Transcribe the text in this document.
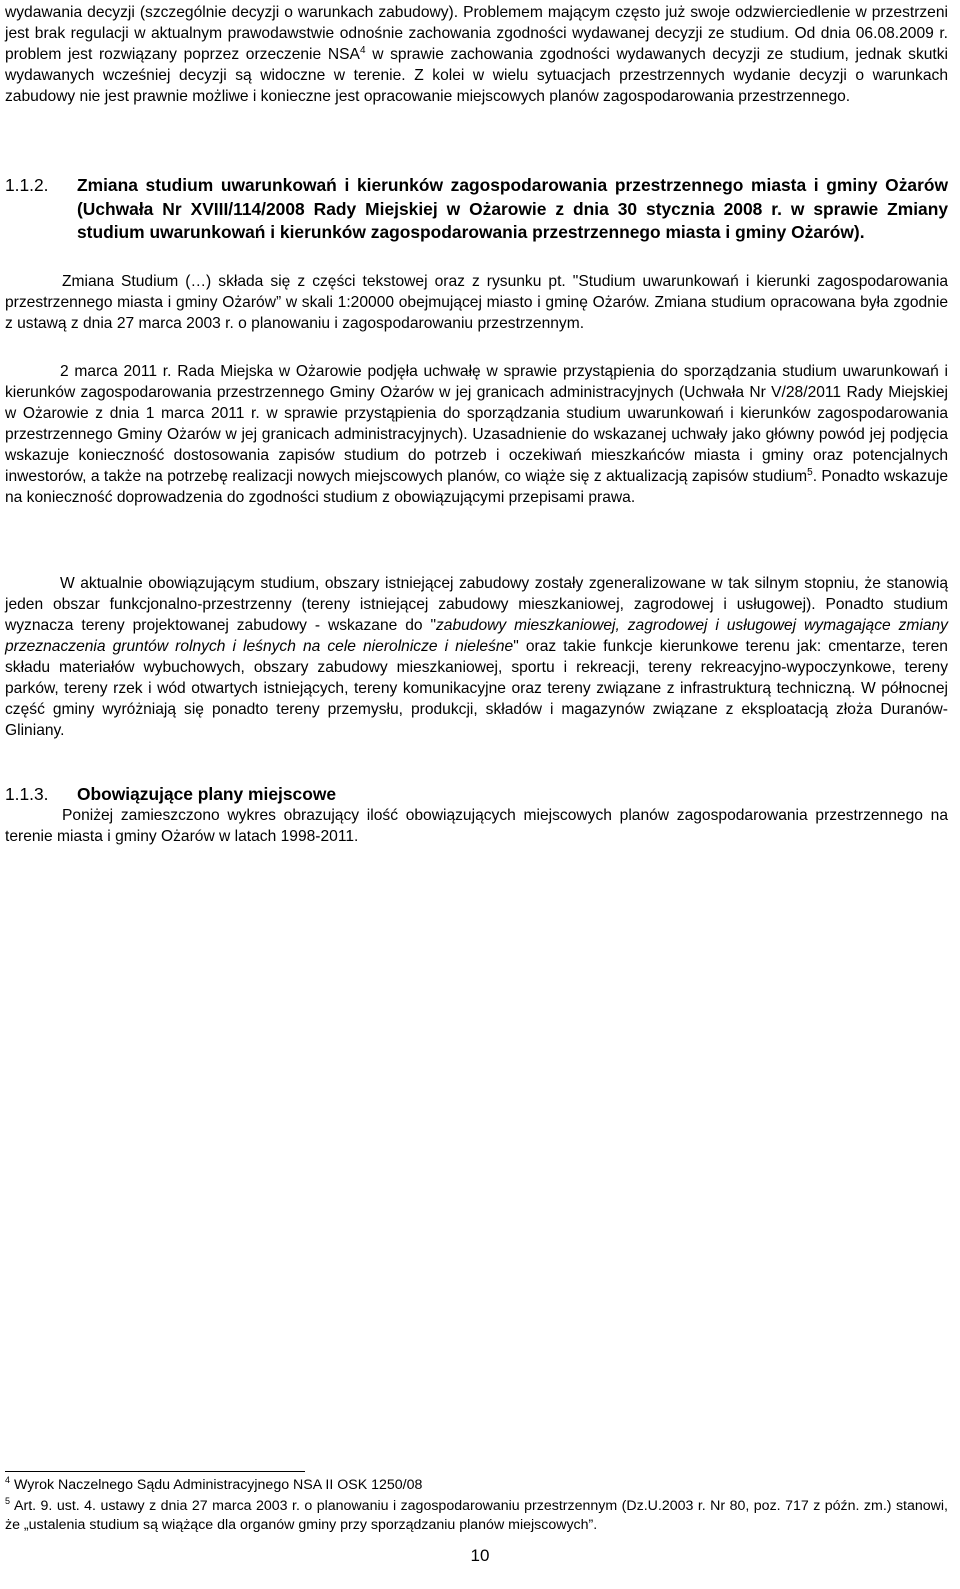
wydawania decyzji (szczególnie decyzji o warunkach zabudowy). Problemem mającym często już swoje odzwierciedlenie w przestrzeni jest brak regulacji w aktualnym prawodawstwie odnośnie zachowania zgodności wydawanej decyzji ze studium. Od dnia 06.08.2009 r. problem jest rozwiązany poprzez orzeczenie NSA$^4$ w sprawie zachowania zgodności wydawanych decyzji ze studium, jednak skutki wydawanych wcześniej decyzji są widoczne w terenie. Z kolei w wielu sytuacjach przestrzennych wydanie decyzji o warunkach zabudowy nie jest prawnie możliwe i konieczne jest opracowanie miejscowych planów zagospodarowania przestrzennego.

1.1.2. Zmiana studium uwarunkowań i kierunków zagospodarowania przestrzennego miasta i gminy Ożarów (Uchwała Nr XVIII/114/2008 Rady Miejskiej w Ożarowie z dnia 30 stycznia 2008 r. w sprawie Zmiany studium uwarunkowań i kierunków zagospodarowania przestrzennego miasta i gminy Ożarów).

Zmiana Studium (…) składa się z części tekstowej oraz z rysunku pt. "Studium uwarunkowań i kierunki zagospodarowania przestrzennego miasta i gminy Ożarów” w skali 1:20000 obejmującej miasto i gminę Ożarów. Zmiana studium opracowana była zgodnie z ustawą z dnia 27 marca 2003 r. o planowaniu i zagospodarowaniu przestrzennym.

2 marca 2011 r. Rada Miejska w Ożarowie podjęła uchwałę w sprawie przystąpienia do sporządzania studium uwarunkowań i kierunków zagospodarowania przestrzennego Gminy Ożarów w jej granicach administracyjnych (Uchwała Nr V/28/2011 Rady Miejskiej w Ożarowie z dnia 1 marca 2011 r. w sprawie przystąpienia do sporządzania studium uwarunkowań i kierunków zagospodarowania przestrzennego Gminy Ożarów w jej granicach administracyjnych). Uzasadnienie do wskazanej uchwały jako główny powód jej podjęcia wskazuje konieczność dostosowania zapisów studium do potrzeb i oczekiwań mieszkańców miasta i gminy oraz potencjalnych inwestorów, a także na potrzebę realizacji nowych miejscowych planów, co wiąże się z aktualizacją zapisów studium$^5$. Ponadto wskazuje na konieczność doprowadzenia do zgodności studium z obowiązującymi przepisami prawa.

W aktualnie obowiązującym studium, obszary istniejącej zabudowy zostały zgeneralizowane w tak silnym stopniu, że stanowią jeden obszar funkcjonalno-przestrzenny (tereny istniejącej zabudowy mieszkaniowej, zagrodowej i usługowej). Ponadto studium wyznacza tereny projektowanej zabudowy - wskazane do "zabudowy mieszkaniowej, zagrodowej i usługowej wymagające zmiany przeznaczenia gruntów rolnych i leśnych na cele nierolnicze i nieleśne" oraz takie funkcje kierunkowe terenu jak: cmentarze, teren składu materiałów wybuchowych, obszary zabudowy mieszkaniowej, sportu i rekreacji, tereny rekreacyjno-wypoczynkowe, tereny parków, tereny rzek i wód otwartych istniejących, tereny komunikacyjne oraz tereny związane z infrastrukturą techniczną. W północnej część gminy wyróżniają się ponadto tereny przemysłu, produkcji, składów i magazynów związane z eksploatacją złoża Duranów- Gliniany.

1.1.3. Obowiązujące plany miejscowe

Poniżej zamieszczono wykres obrazujący ilość obowiązujących miejscowych planów zagospodarowania przestrzennego na terenie miasta i gminy Ożarów w latach 1998-2011.

$^4$ Wyrok Naczelnego Sądu Administracyjnego NSA II OSK 1250/08
$^5$ Art. 9. ust. 4. ustawy z dnia 27 marca 2003 r. o planowaniu i zagospodarowaniu przestrzennym (Dz.U.2003 r. Nr 80, poz. 717 z późn. zm.) stanowi, że „ustalenia studium są wiążące dla organów gminy przy sporządzaniu planów miejscowych”.
10
